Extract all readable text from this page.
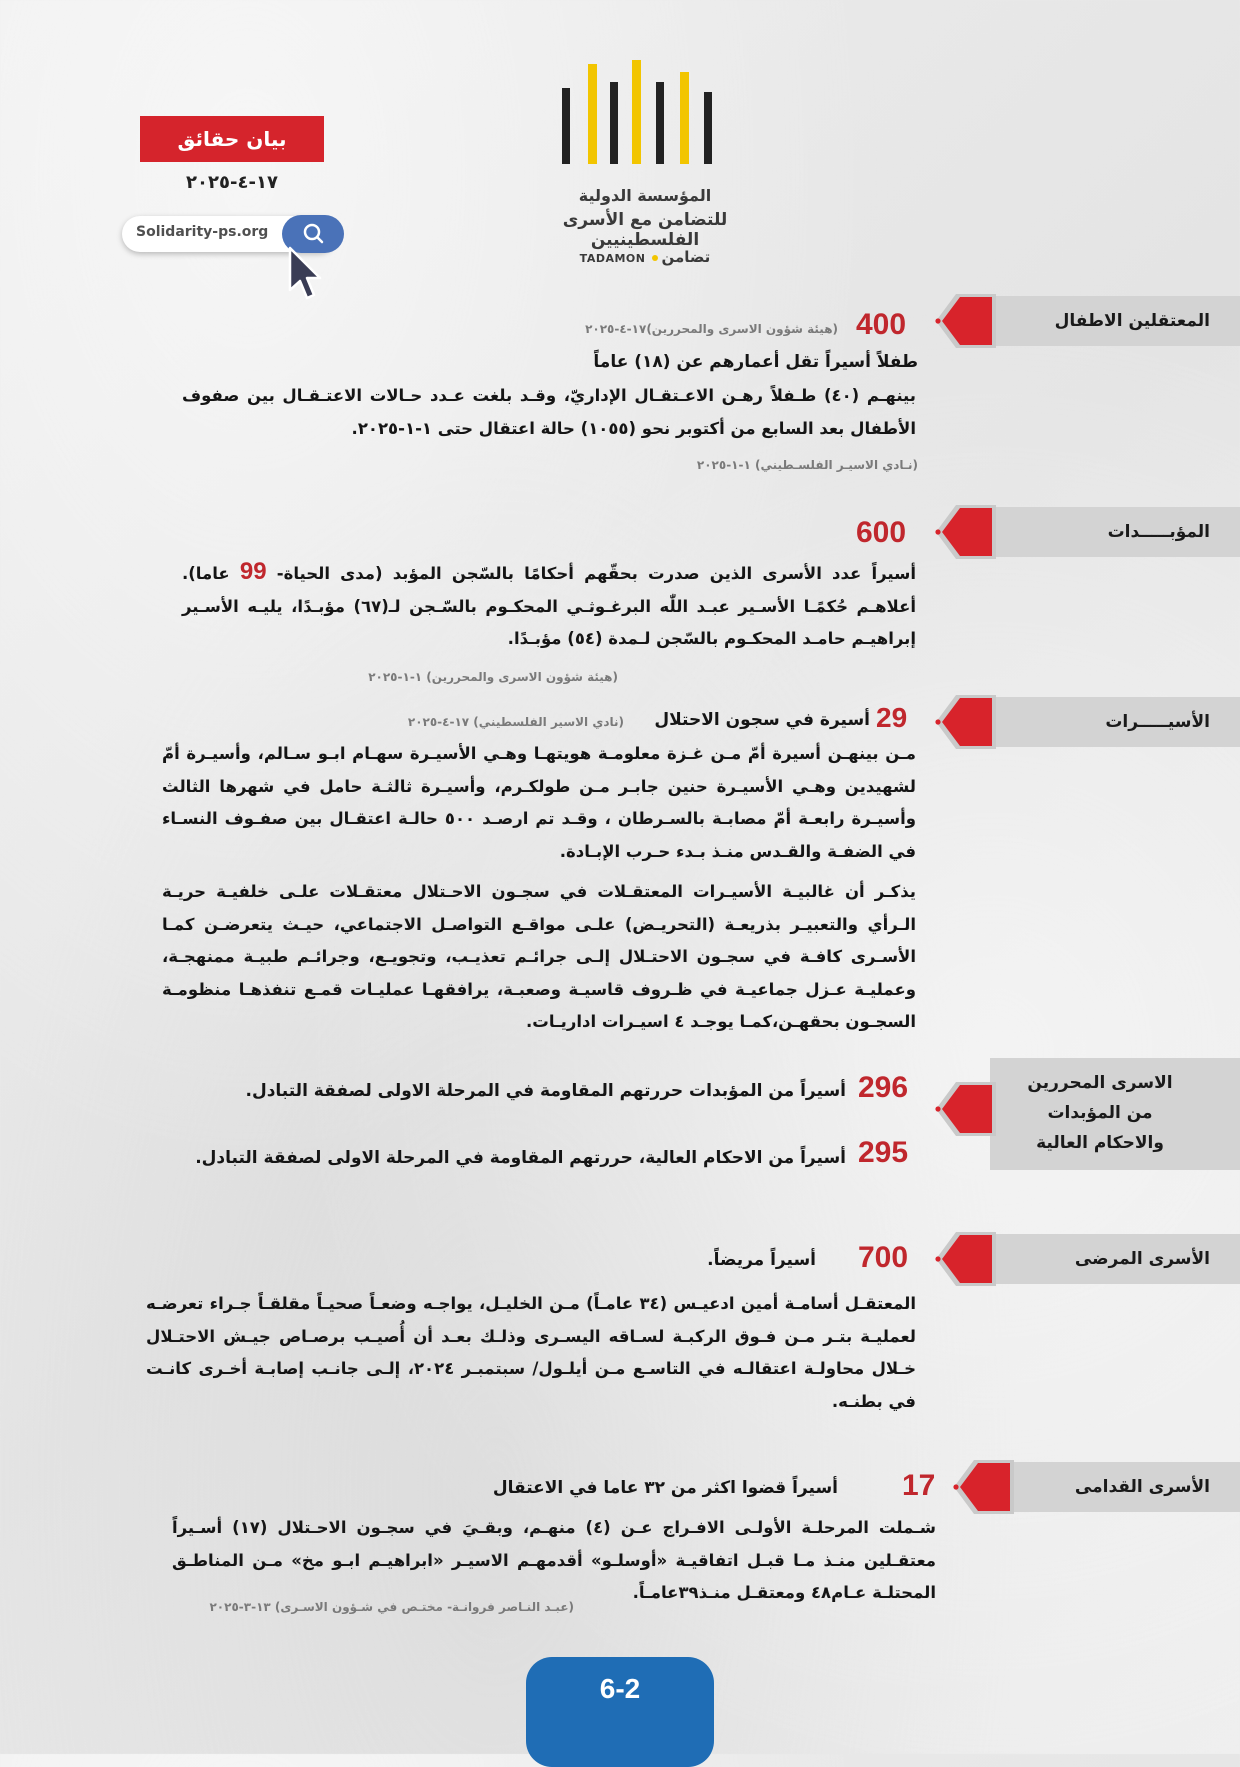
المؤسسة الدولية
للتضامن مع الأسرى الفلسطينيين
تضامنTADAMON
بيان حقائق
١٧-٤-٢٠٢٥
Solidarity-ps.org
المعتقلين الاطفال
400
(هيئة شؤون الاسرى والمحررين)١٧-٤-٢٠٢٥
طفلاً أسيراً تقل أعمارهم عن (١٨) عاماً
بينهـم (٤٠) طـفلاً رهـن الاعـتقـال الإداريّ، وقـد بلغت عـدد حـالات الاعتـقـال بين صفوف الأطفال بعد السابع من أكتوبر نحو (١٠٥٥) حالة اعتقال حتى ١-١-٢٠٢٥.
(نـادي الاسيـر الفلسـطيني) ١-١-٢٠٢٥
المؤبـــــدات
600
أسيراً عدد الأسرى الذين صدرت بحقّهم أحكامًا بالسّجن المؤبد (مدى الحياة- 99 عاما). أعلاهـم حُكمًـا الأسـير عبـد اللّٰه البرغـوثـي المحكـوم بالسّـجن لـ(٦٧) مؤبـدًا، يليـه الأسـير إبراهيـم حامـد المحكـوم بالسّجن لـمدة (٥٤) مؤبـدًا.
(هيئة شؤون الاسرى والمحررين) ١-١-٢٠٢٥
الأسيـــــرات
29
أسيرة في سجون الاحتلال
(نادي الاسير الفلسطيني) ١٧-٤-٢٠٢٥
مـن بينهـن أسيرة أمّ مـن غـزة معلومـة هويتهـا وهـي الأسيـرة سهـام ابـو سـالم، وأسيـرة أمّ لشهيدين وهـي الأسيـرة حنين جابـر مـن طولكـرم، وأسيـرة ثالثـة حامل في شهرها الثالث وأسيـرة رابعـة أمّ مصابـة بالسـرطان ، وقـد تم ارصـد ٥٠٠ حالـة اعتقـال بين صفـوف النسـاء في الضفـة والقـدس منـذ بـدء حـرب الإبـادة.
يذكـر أن غالبيـة الأسيـرات المعتقـلات في سجـون الاحـتلال معتقـلات علـى خلفيـة حريـة الـرأي والتعبيـر بذريعـة (التحريـض) علـى مواقـع التواصـل الاجتماعي، حيـث يتعرضـن كمـا الأسـرى كافـة في سجـون الاحتـلال إلـى جرائـم تعذيـب، وتجويـع، وجرائـم طبيـة ممنهجـة، وعمليـة عـزل جماعيـة في ظـروف قاسيـة وصعبـة، يرافقهـا عمليـات قمـع تنفذهـا منظومـة السجـون بحقهـن،كمـا يوجـد ٤ اسيـرات اداريـات.
الاسرى المحررين
من المؤبدات
والاحكام العالية
296
أسيراً من المؤبدات حررتهم المقاومة في المرحلة الاولى لصفقة التبادل.
295
أسيراً من الاحكام العالية، حررتهم المقاومة في المرحلة الاولى لصفقة التبادل.
الأسرى المرضى
700
أسيراً مريضاً.
المعتقـل أسامـة أمين ادعيـس (٣٤ عامـاً) مـن الخليـل، يواجـه وضعـاً صحيـاً مقلقـاً جـراء تعرضـه لعمليـة بتـر مـن فـوق الركبـة لسـاقه اليسـرى وذلـك بعـد أن أُصيـب برصـاص جيـش الاحتـلال خـلال محاولـة اعتقالـه في التاسـع مـن أيلـول/ سبتمبـر ٢٠٢٤، إلـى جانـب إصابـة أخـرى كانـت في بطنـه.
الأسرى القدامى
17
أسيراً قضوا اكثر من ٣٢ عاما في الاعتقال
شـملت المرحلـة الأولـى الافـراج عـن (٤) منهـم، وبقـيَ في سجـون الاحـتلال (١٧) أسـيراً معتقـلين منـذ مـا قبـل اتفاقيـة «أوسلـو» أقدمهـم الاسيـر «ابراهيـم ابـو مخ» مـن المناطـق المحتلـة عـام٤٨ ومعتقـل منـذ٣٩عامـاً.
(عبـد النـاصر فروانـة- مختـص في شـؤون الاسـرى) ١٣-٣-٢٠٢٥
6-2
